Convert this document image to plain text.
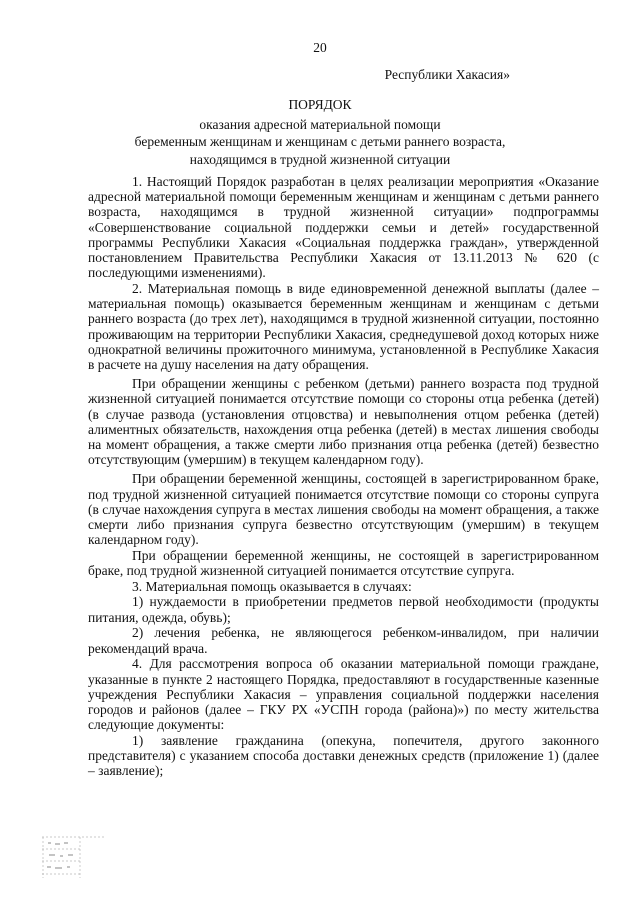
20
Республики Хакасия»
ПОРЯДОК
оказания адресной материальной помощи
беременным женщинам и женщинам с детьми раннего возраста,
находящимся в трудной жизненной ситуации

1. Настоящий Порядок разработан в целях реализации мероприятия «Оказание адресной материальной помощи беременным женщинам и женщинам с детьми раннего возраста, находящимся в трудной жизненной ситуации» подпрограммы «Совершенствование социальной поддержки семьи и детей» государственной программы Республики Хакасия «Социальная поддержка граждан», утвержденной постановлением Правительства Республики Хакасия от 13.11.2013 № 620 (с последующими изменениями).

2. Материальная помощь в виде единовременной денежной выплаты (далее – материальная помощь) оказывается беременным женщинам и женщинам с детьми раннего возраста (до трех лет), находящимся в трудной жизненной ситуации, постоянно проживающим на территории Республики Хакасия, среднедушевой доход которых ниже однократной величины прожиточного минимума, установленной в Республике Хакасия в расчете на душу населения на дату обращения.

При обращении женщины с ребенком (детьми) раннего возраста под трудной жизненной ситуацией понимается отсутствие помощи со стороны отца ребенка (детей) (в случае развода (установления отцовства) и невыполнения отцом ребенка (детей) алиментных обязательств, нахождения отца ребенка (детей) в местах лишения свободы на момент обращения, а также смерти либо признания отца ребенка (детей) безвестно отсутствующим (умершим) в текущем календарном году).

При обращении беременной женщины, состоящей в зарегистрированном браке, под трудной жизненной ситуацией понимается отсутствие помощи со стороны супруга (в случае нахождения супруга в местах лишения свободы на момент обращения, а также смерти либо признания супруга безвестно отсутствующим (умершим) в текущем календарном году).

При обращении беременной женщины, не состоящей в зарегистрированном браке, под трудной жизненной ситуацией понимается отсутствие супруга.

3. Материальная помощь оказывается в случаях:

1) нуждаемости в приобретении предметов первой необходимости (продукты питания, одежда, обувь);

2) лечения ребенка, не являющегося ребенком-инвалидом, при наличии рекомендаций врача.

4. Для рассмотрения вопроса об оказании материальной помощи граждане, указанные в пункте 2 настоящего Порядка, предоставляют в государственные казенные учреждения Республики Хакасия – управления социальной поддержки населения городов и районов (далее – ГКУ РХ «УСПН города (района)») по месту жительства следующие документы:

1) заявление гражданина (опекуна, попечителя, другого законного представителя) с указанием способа доставки денежных средств (приложение 1) (далее – заявление);
